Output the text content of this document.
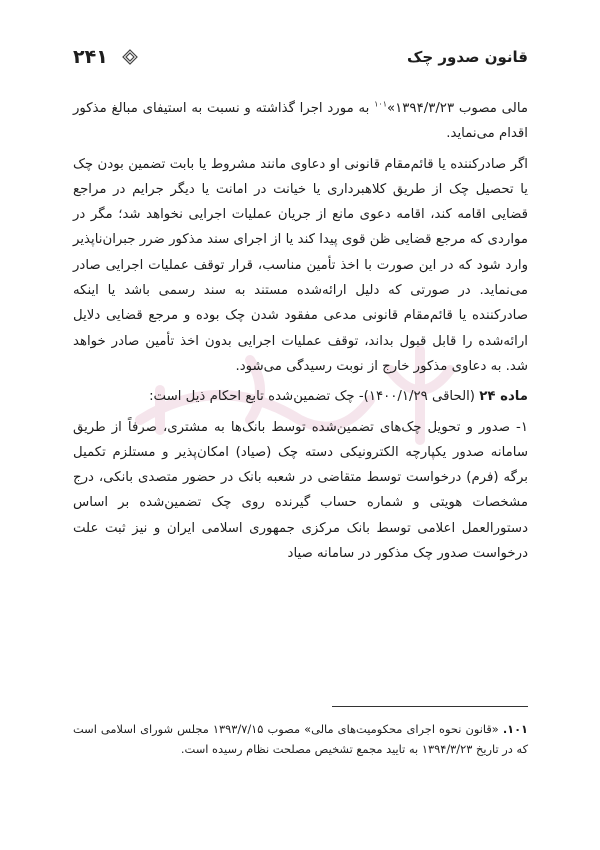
قانون صدور چک
۲۴۱

مالی مصوب ۱۳۹۴/۳/۲۳»$^{۱۰۱}$ به مورد اجرا گذاشته و نسبت به استیفای مبالغ مذکور اقدام می‌نماید.

اگر صادرکننده یا قائم‌مقام قانونی او دعاوی مانند مشروط یا بابت تضمین بودن چک یا تحصیل چک از طریق کلاهبرداری یا خیانت در امانت یا دیگر جرایم در مراجع قضایی اقامه کند، اقامه دعوی مانع از جریان عملیات اجرایی نخواهد شد؛ مگر در مواردی که مرجع قضایی ظن قوی پیدا کند یا از اجرای سند مذکور ضرر جبران‌ناپذیر وارد شود که در این صورت با اخذ تأمین مناسب، قرار توقف عملیات اجرایی صادر می‌نماید. در صورتی که دلیل ارائه‌شده مستند به سند رسمی باشد یا اینکه صادرکننده یا قائم‌مقام قانونی مدعی مفقود شدن چک بوده و مرجع قضایی دلایل ارائه‌شده را قابل قبول بداند، توقف عملیات اجرایی بدون اخذ تأمین صادر خواهد شد. به دعاوی مذکور خارج از نوبت رسیدگی می‌شود.

ماده ۲۴ (الحاقی ۱۴۰۰/۱/۲۹)- چک تضمین‌شده تابع احکام ذیل است:

۱- صدور و تحویل چک‌های تضمین‌شده توسط بانک‌ها به مشتری، صرفاً از طریق سامانه صدور یکپارچه الکترونیکی دسته چک (صیاد) امکان‌پذیر و مستلزم تکمیل برگه (فرم) درخواست توسط متقاضی در شعبه بانک در حضور متصدی بانکی، درج مشخصات هویتی و شماره حساب گیرنده روی چک تضمین‌شده بر اساس دستورالعمل اعلامی توسط بانک مرکزی جمهوری اسلامی ایران و نیز ثبت علت درخواست صدور چک مذکور در سامانه صیاد

۱۰۱. «قانون نحوه اجرای محکومیت‌های مالی» مصوب ۱۳۹۳/۷/۱۵ مجلس شورای اسلامی است که در تاریخ ۱۳۹۴/۳/۲۳ به تایید مجمع تشخیص مصلحت نظام رسیده است.
